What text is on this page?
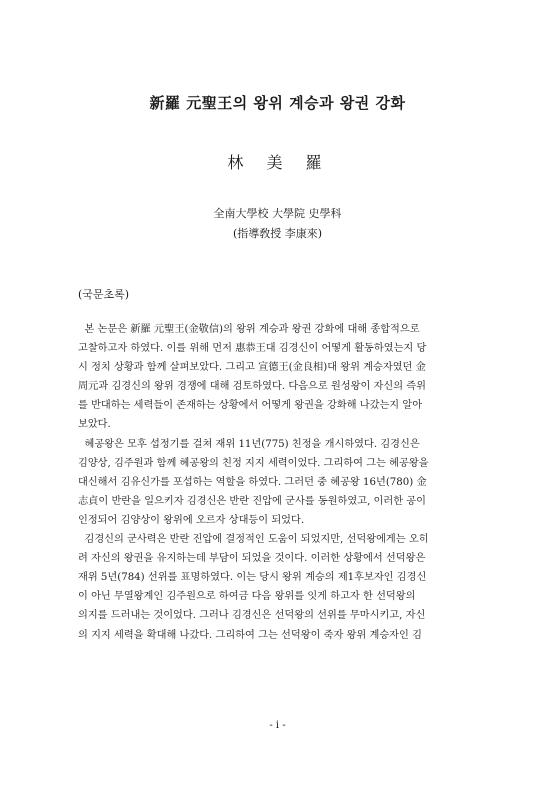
新羅 元聖王의 왕위 계승과 왕권 강화
林 美 羅
全南大學校 大學院 史學科
(指導敎授 李康來)
(국문초록)
본 논문은 新羅 元聖王(金敬信)의 왕위 계승과 왕권 강화에 대해 종합적으로
고찰하고자 하였다. 이를 위해 먼저 惠恭王대 김경신이 어떻게 활동하였는지 당
시 정치 상황과 함께 살펴보았다. 그리고 宣德王(金良相)대 왕위 계승자였던 金
周元과 김경신의 왕위 경쟁에 대해 검토하였다. 다음으로 원성왕이 자신의 즉위
를 반대하는 세력들이 존재하는 상황에서 어떻게 왕권을 강화해 나갔는지 알아
보았다.
혜공왕은 모후 섭정기를 걸쳐 재위 11년(775) 친정을 개시하였다. 김경신은
김양상, 김주원과 함께 혜공왕의 친정 지지 세력이었다. 그리하여 그는 혜공왕을
대신해서 김유신가를 포섭하는 역할을 하였다. 그러던 중 혜공왕 16년(780) 金
志貞이 반란을 일으키자 김경신은 반란 진압에 군사를 동원하였고, 이러한 공이
인정되어 김양상이 왕위에 오르자 상대등이 되었다.
김경신의 군사력은 반란 진압에 결정적인 도움이 되었지만, 선덕왕에게는 오히
려 자신의 왕권을 유지하는데 부담이 되었을 것이다. 이러한 상황에서 선덕왕은
재위 5년(784) 선위를 표명하였다. 이는 당시 왕위 계승의 제1후보자인 김경신
이 아닌 무열왕계인 김주원으로 하여금 다음 왕위를 잇게 하고자 한 선덕왕의
의지를 드러내는 것이었다. 그러나 김경신은 선덕왕의 선위를 무마시키고, 자신
의 지지 세력을 확대해 나갔다. 그리하여 그는 선덕왕이 죽자 왕위 계승자인 김
- i -
